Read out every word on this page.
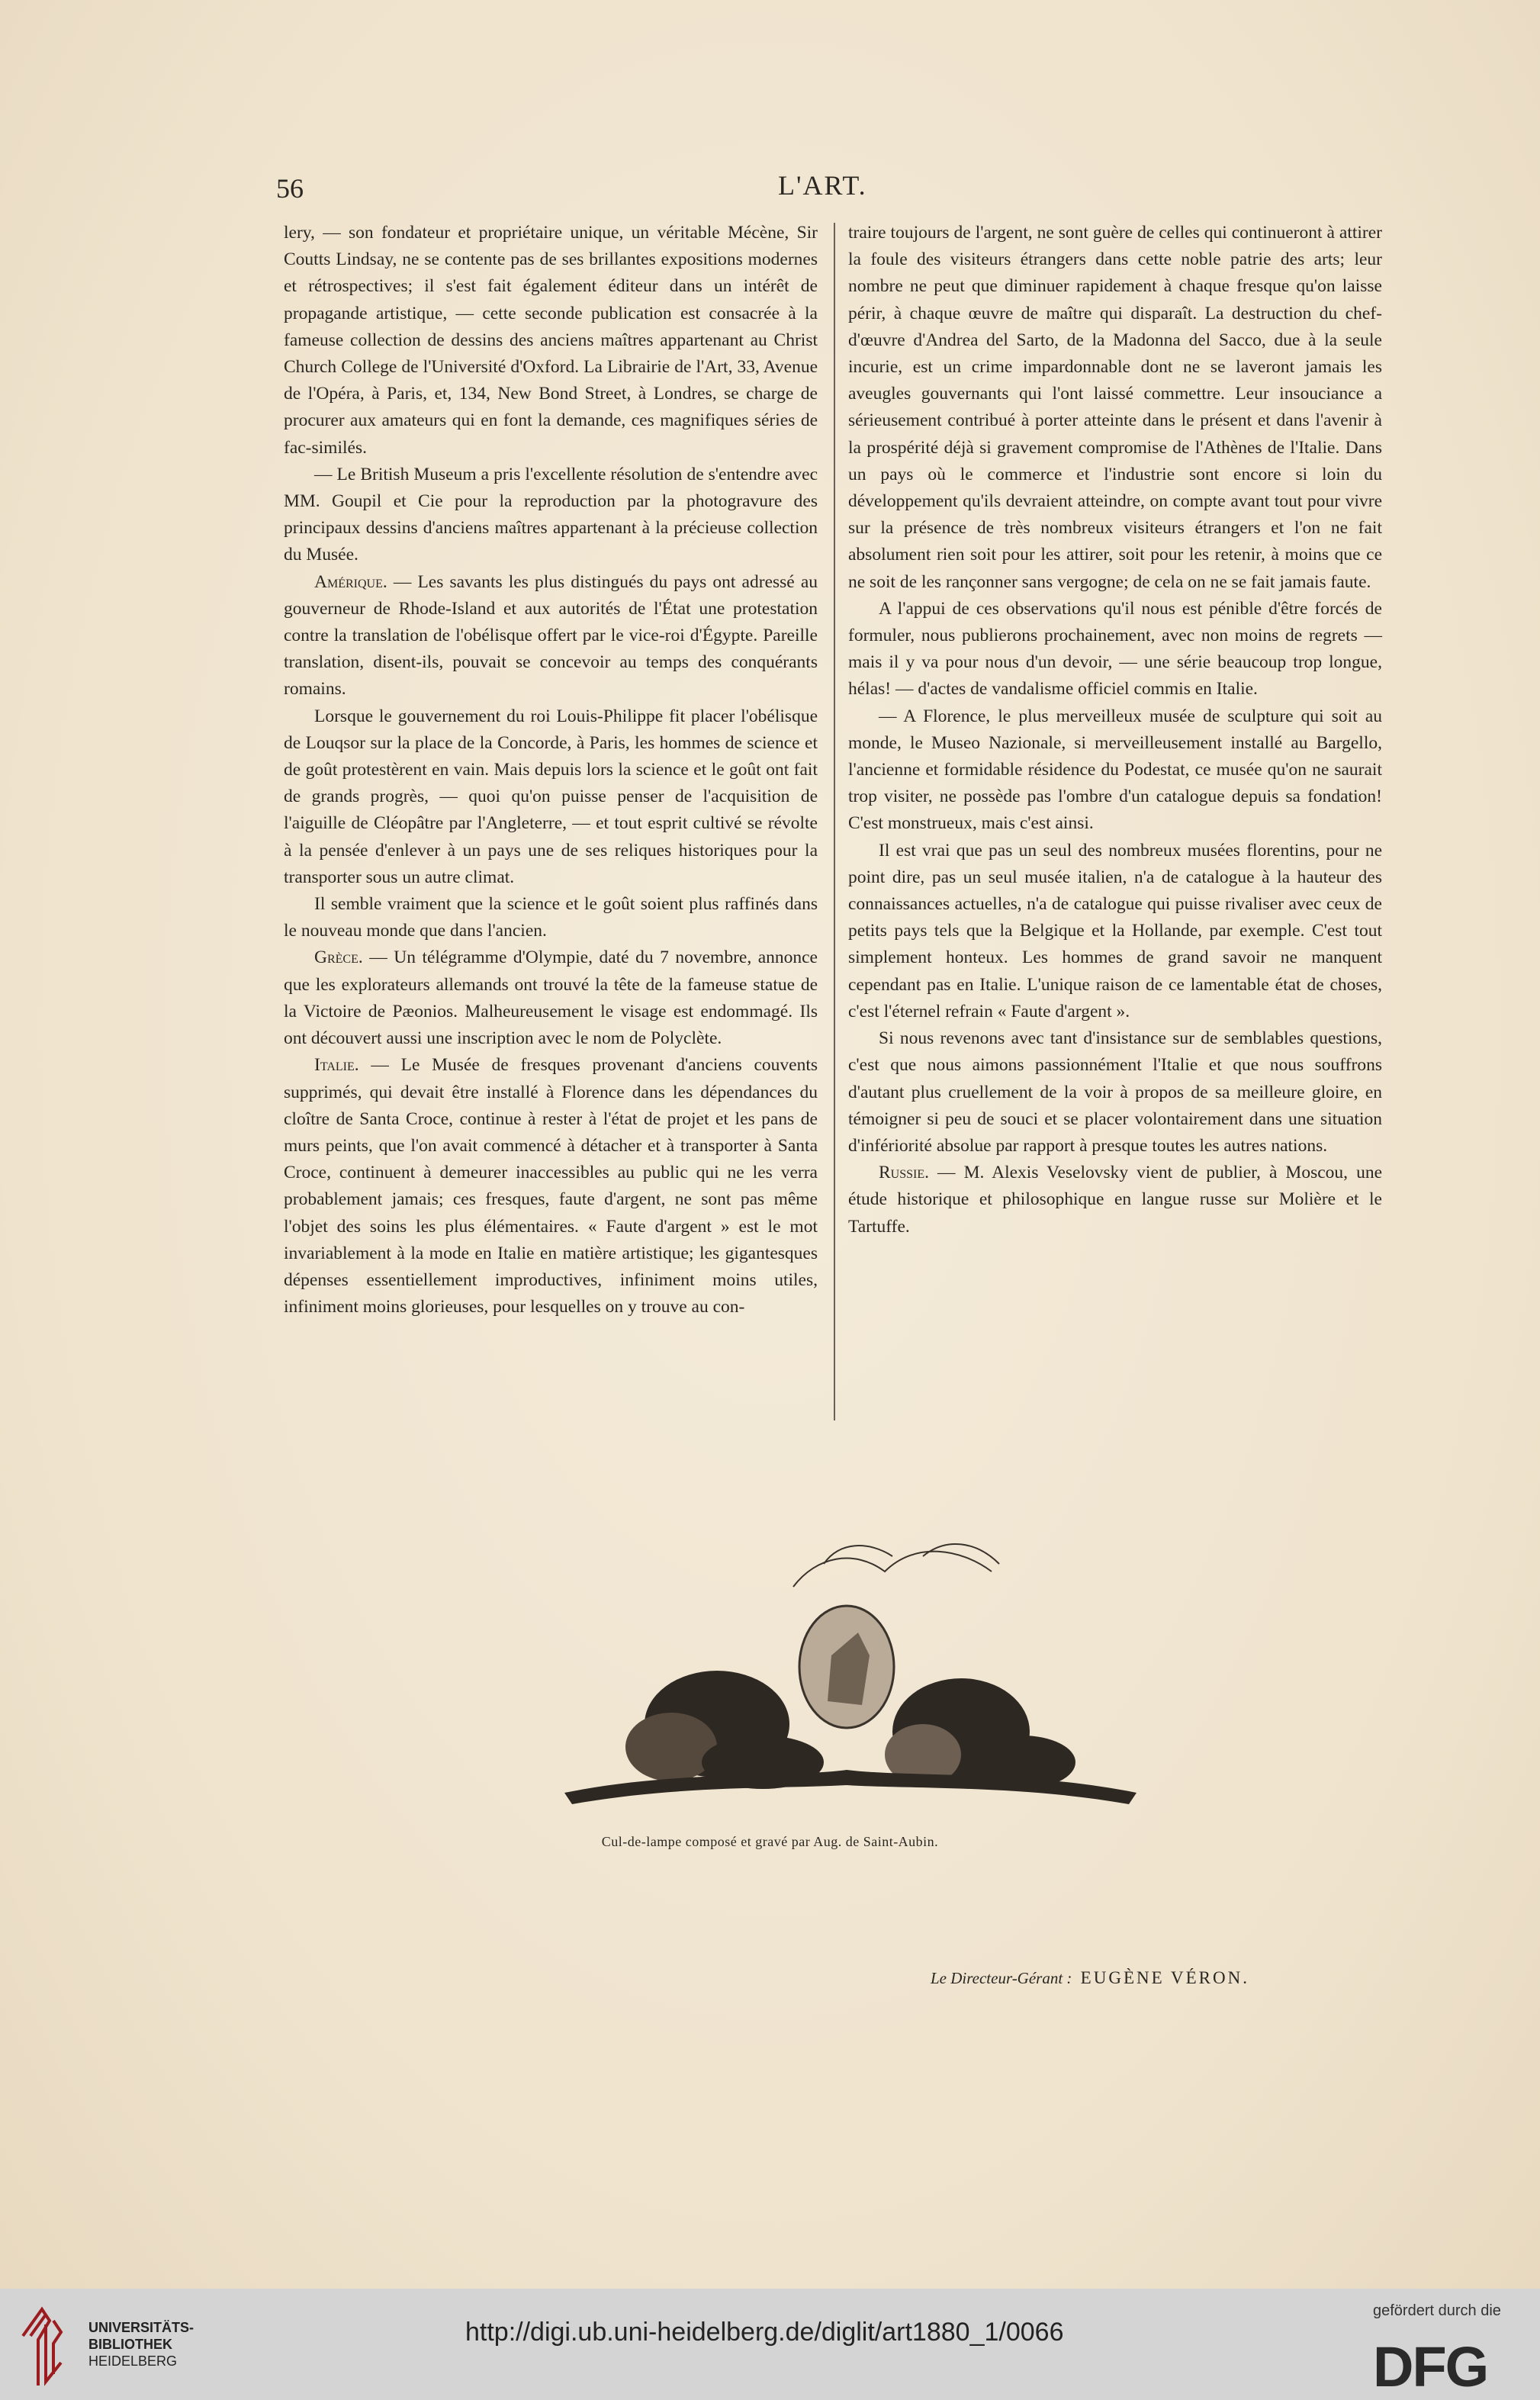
56	L'ART.

lery, — son fondateur et propriétaire unique, un véritable Mécène, Sir Coutts Lindsay, ne se contente pas de ses brillantes expositions modernes et rétrospectives; il s'est fait également éditeur dans un intérêt de propagande artistique, — cette seconde publication est consacrée à la fameuse collection de dessins des anciens maîtres appartenant au Christ Church College de l'Université d'Oxford. La Librairie de l'Art, 33, Avenue de l'Opéra, à Paris, et, 134, New Bond Street, à Londres, se charge de procurer aux amateurs qui en font la demande, ces magnifiques séries de fac-similés.

— Le British Museum a pris l'excellente résolution de s'entendre avec MM. Goupil et Cie pour la reproduction par la photogravure des principaux dessins d'anciens maîtres appartenant à la précieuse collection du Musée.

Amérique. — Les savants les plus distingués du pays ont adressé au gouverneur de Rhode-Island et aux autorités de l'État une protestation contre la translation de l'obélisque offert par le vice-roi d'Égypte. Pareille translation, disent-ils, pouvait se concevoir au temps des conquérants romains.

Lorsque le gouvernement du roi Louis-Philippe fit placer l'obélisque de Louqsor sur la place de la Concorde, à Paris, les hommes de science et de goût protestèrent en vain. Mais depuis lors la science et le goût ont fait de grands progrès, — quoi qu'on puisse penser de l'acquisition de l'aiguille de Cléopâtre par l'Angleterre, — et tout esprit cultivé se révolte à la pensée d'enlever à un pays une de ses reliques historiques pour la transporter sous un autre climat.

Il semble vraiment que la science et le goût soient plus raffinés dans le nouveau monde que dans l'ancien.

Grèce. — Un télégramme d'Olympie, daté du 7 novembre, annonce que les explorateurs allemands ont trouvé la tête de la fameuse statue de la Victoire de Pæonios. Malheureusement le visage est endommagé. Ils ont découvert aussi une inscription avec le nom de Polyclète.

Italie. — Le Musée de fresques provenant d'anciens couvents supprimés, qui devait être installé à Florence dans les dépendances du cloître de Santa Croce, continue à rester à l'état de projet et les pans de murs peints, que l'on avait commencé à détacher et à transporter à Santa Croce, continuent à demeurer inaccessibles au public qui ne les verra probablement jamais; ces fresques, faute d'argent, ne sont pas même l'objet des soins les plus élémentaires. « Faute d'argent » est le mot invariablement à la mode en Italie en matière artistique; les gigantesques dépenses essentiellement improductives, infiniment moins utiles, infiniment moins glorieuses, pour lesquelles on y trouve au con-

traire toujours de l'argent, ne sont guère de celles qui continueront à attirer la foule des visiteurs étrangers dans cette noble patrie des arts; leur nombre ne peut que diminuer rapidement à chaque fresque qu'on laisse périr, à chaque œuvre de maître qui disparaît. La destruction du chef-d'œuvre d'Andrea del Sarto, de la Madonna del Sacco, due à la seule incurie, est un crime impardonnable dont ne se laveront jamais les aveugles gouvernants qui l'ont laissé commettre. Leur insouciance a sérieusement contribué à porter atteinte dans le présent et dans l'avenir à la prospérité déjà si gravement compromise de l'Athènes de l'Italie. Dans un pays où le commerce et l'industrie sont encore si loin du développement qu'ils devraient atteindre, on compte avant tout pour vivre sur la présence de très nombreux visiteurs étrangers et l'on ne fait absolument rien soit pour les attirer, soit pour les retenir, à moins que ce ne soit de les rançonner sans vergogne; de cela on ne se fait jamais faute.

A l'appui de ces observations qu'il nous est pénible d'être forcés de formuler, nous publierons prochainement, avec non moins de regrets — mais il y va pour nous d'un devoir, — une série beaucoup trop longue, hélas! — d'actes de vandalisme officiel commis en Italie.

— A Florence, le plus merveilleux musée de sculpture qui soit au monde, le Museo Nazionale, si merveilleusement installé au Bargello, l'ancienne et formidable résidence du Podestat, ce musée qu'on ne saurait trop visiter, ne possède pas l'ombre d'un catalogue depuis sa fondation! C'est monstrueux, mais c'est ainsi.

Il est vrai que pas un seul des nombreux musées florentins, pour ne point dire, pas un seul musée italien, n'a de catalogue à la hauteur des connaissances actuelles, n'a de catalogue qui puisse rivaliser avec ceux de petits pays tels que la Belgique et la Hollande, par exemple. C'est tout simplement honteux. Les hommes de grand savoir ne manquent cependant pas en Italie. L'unique raison de ce lamentable état de choses, c'est l'éternel refrain « Faute d'argent ».

Si nous revenons avec tant d'insistance sur de semblables questions, c'est que nous aimons passionnément l'Italie et que nous souffrons d'autant plus cruellement de la voir à propos de sa meilleure gloire, en témoigner si peu de souci et se placer volontairement dans une situation d'infériorité absolue par rapport à presque toutes les autres nations.

Russie. — M. Alexis Veselovsky vient de publier, à Moscou, une étude historique et philosophique en langue russe sur Molière et le Tartuffe.

Cul-de-lampe composé et gravé par Aug. de Saint-Aubin.
Le Directeur-Gérant : EUGÈNE VÉRON.
UNIVERSITÄTS-
BIBLIOTHEK
HEIDELBERG
http://digi.ub.uni-heidelberg.de/diglit/art1880_1/0066
gefördert durch die
DFG
